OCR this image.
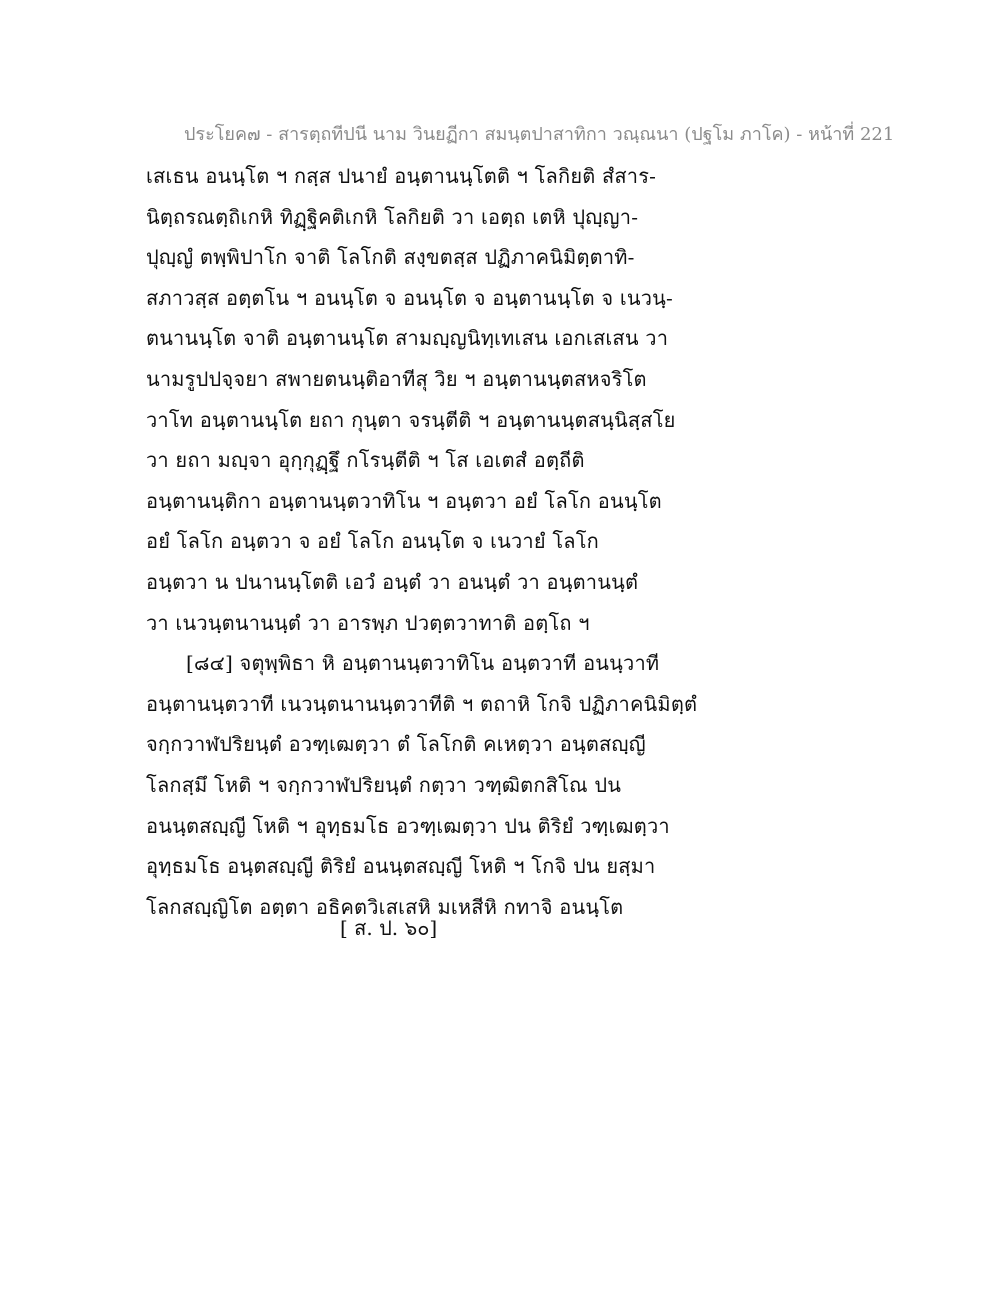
ประโยค๗ - สารตฺถทีปนี นาม วินยฏีกา สมนฺตปาสาทิกา วณฺณนา (ปฐโม ภาโค) - หน้าที่ 221
เสเธน อนนฺโต ฯ กสฺส ปนายํ อนฺตานนฺโตติ ฯ โลกิยติ สํสาร-
นิตฺถรณตฺถิเกหิ ทิฏฺฐิคติเกหิ โลกิยติ วา เอตฺถ เตหิ ปุญฺญา-
ปุญฺญํ ตพฺพิปาโก จาติ โลโกติ สงฺขตสฺส ปฏิภาคนิมิตฺตาทิ-
สภาวสฺส อตฺตโน ฯ อนนฺโต จ อนนฺโต จ อนฺตานนฺโต จ เนวนฺ-
ตนานนฺโต จาติ อนฺตานนฺโต สามญฺญนิทฺเทเสน เอกเสเสน วา
นามรูปปจฺจยา สพายตนนฺติอาทีสุ วิย ฯ อนฺตานนฺตสหจริโต
วาโท อนฺตานนฺโต ยถา กุนฺตา จรนฺตีติ ฯ อนฺตานนฺตสนฺนิสฺสโย
วา ยถา มญฺจา อุกฺกุฏฺฐึ กโรนฺตีติ ฯ โส เอเตสํ อตฺถีติ
อนฺตานนฺติกา อนฺตานนฺตวาทิโน ฯ อนฺตวา อยํ โลโก อนนฺโต
อยํ โลโก อนฺตวา จ อยํ โลโก อนนฺโต จ เนวายํ โลโก
อนฺตวา น ปนานนฺโตติ เอวํ อนฺตํ วา อนนฺตํ วา อนฺตานนฺตํ
วา เนวนฺตนานนฺตํ วา อารพฺภ ปวตฺตวาทาติ อตฺโถ ฯ
[๘๔] จตุพฺพิธา หิ อนฺตานนฺตวาทิโน อนฺตวาที อนนฺวาที
อนฺตานนฺตวาที เนวนฺตนานนฺตวาทีติ ฯ ตถาหิ โกจิ ปฏิภาคนิมิตฺตํ
จกฺกวาฬปริยนฺตํ อวฑฺเฒตฺวา ตํ โลโกติ คเหตฺวา อนฺตสญฺญี
โลกสฺมึ โหติ ฯ จกฺกวาฬปริยนฺตํ กตฺวา วฑฺฒิตกสิโณ ปน
อนนฺตสญฺญี โหติ ฯ อุทฺธมโธ อวฑฺเฒตฺวา ปน ติริยํ วฑฺเฒตฺวา
อุทฺธมโธ อนฺตสญฺญี ติริยํ อนนฺตสญฺญี โหติ ฯ โกจิ ปน ยสฺมา
โลกสญฺญิโต อตฺตา อธิคตวิเสเสหิ มเหสีหิ กทาจิ อนนฺโต
[ ส. ป. ๖๐]
